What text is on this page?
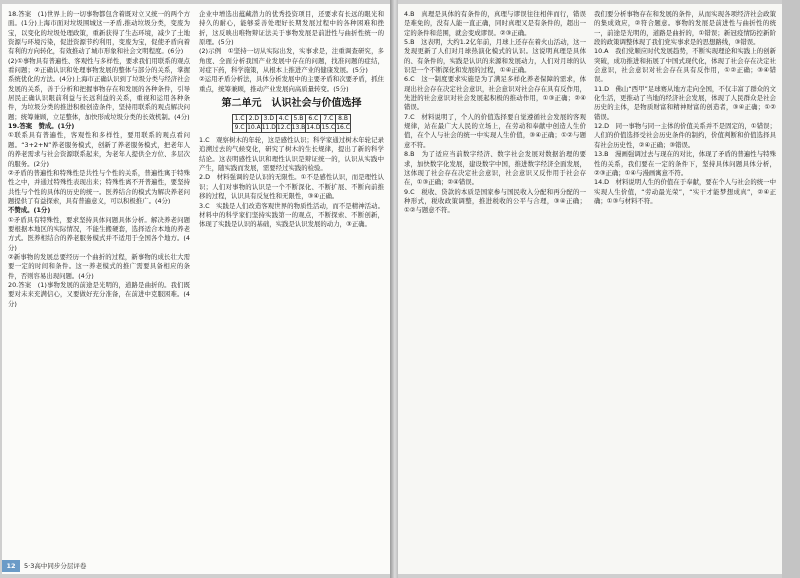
18.答案　(1)世界上的一切事物都包含着既对立又统一的两个方面。(1分)上海市面对垃圾围城这一矛盾,推动垃圾分类，变废为宝，以变化的垃圾处理政策，重新获得了生态环境，减少了土地资源与环境污染，促进资源节约利用，变废为宝，促使矛盾向着有利的方向转化，有效推动了城市形象和社会文明程度。(6分)

(2)①事物具有普遍性、客观性与多样性，要求我们用联系的观点看问题；②正确认识和处理事物发展的整体与部分的关系，掌握系统优化的方法。(4分)上海市正确认识到了垃圾分类与经济社会发展的关系，善于分析和把握事物存在和发展的各种条件，引导居民正确认识眼前利益与长远利益的关系，重视和运用各种条件，为垃圾分类的推进积极创造条件，坚持用联系的观点解决问题；统筹兼顾，立足整体，加快形成垃圾分类的长效机制。(4分)

19.答案　赞成。(1分)

①联系具有普遍性，客观性和多样性，要用联系的观点看问题。“3+2+N”养老服务模式，创新了养老服务模式，把老年人的养老需求与社会资源联系起来，为老年人提供全方位、多层次的服务。(2分)

②矛盾的普遍性和特殊性是共性与个性的关系，普遍性寓于特殊性之中，并通过特殊性表现出来；特殊性离不开普遍性，要坚持共性与个性的具体的历史的统一。医养结合的模式为解决养老问题提供了有益探索，具有普遍意义，可以积极推广。(4分)

不赞成。(1分)

①矛盾具有特殊性，要求坚持具体问题具体分析。解决养老问题要根据本地区的实际情况，不能生搬硬套，选择适合本地的养老方式。医养相结合的养老服务模式并不适用于全国各个地方。(4分)

②新事物的发展总要经历一个曲折的过程，新事物的成长壮大需要一定的时间和条件。这一养老模式的推广需要具备相应的条件，否则容易出现问题。(4分)

20.答案　(1)事物发展的前途是光明的，道路是曲折的。我们既要对未来充满信心，又要做好充分准备，在前进中克服困难。(4分)

企业中增选出蕴藏潜力的优秀投资项目，还要求有长远的眼光和持久的耐心，能够妥善处理好长期发展过程中的各种困难和挫折，这反映出唯物辩证法关于事物发展是前进性与曲折性统一的原理。(5分)

(2)示例　①坚持一切从实际出发，实事求是，注重调查研究，多角度、全面分析我国产业发展中存在的问题，找准问题的症结，对症下药，科学施策，从根本上推进产业的健康发展。(5分)

②运用矛盾分析法，具体分析发展中的主要矛盾和次要矛盾，抓住重点，统筹兼顾，推动产业发展向高质量转变。(5分)

第二单元　认识社会与价值选择
1.C	2.D	3.D	4.C	5.B	6.C	7.C	8.B
9.C	10.A	11.D	12.C	13.B	14.D	15.C	16.C

1.C　观察树木的年轮，这是感性认识；科学家通过树木年轮记录追溯过去的气候变化，研究了树木的生长规律，提出了新的科学结论。这表明感性认识和理性认识是辩证统一的，认识从实践中产生，随实践而发展，需要经过实践的检验。

2.D　材料强调的是认识的无限性。①不是感性认识，而是理性认识；人们对事物的认识是一个不断深化、不断扩展、不断向前推移的过程，认识具有反复性和无限性，③④正确。

3.C　实践是人们改造客观世界的物质性活动，而不是精神活动。材料中的科学家们坚持实践第一的观点，不断探索、不断创新，体现了实践是认识的基础，实践是认识发展的动力，③正确。

12 5·3高中同步分层评卷

4.B　真理是具体的有条件的，真理与谬误往往相伴而行，错误是难免的，没有人能一直正确，同时真理又是有条件的，超出一定的条件和范围，就会变成谬误。②③正确。

5.B　这表明，大约1.2亿年前，月球上还存在着火山活动，这一发现更新了人们对月球热演化模式的认识。这说明真理是具体的、有条件的，实践是认识的来源和发展动力，人们对月球的认识是一个不断深化和发展的过程，①④正确。

6.C　这一制度要求实施是为了满足多样化养老保障的需求，体现出社会存在决定社会意识，社会意识对社会存在具有反作用，先进的社会意识对社会发展起积极的推动作用，①③正确；②④错误。

7.C　材料说明了，个人的价值选择要自觉遵循社会发展的客观规律，站在最广大人民的立场上，在劳动和奉献中创造人生价值，在个人与社会的统一中实现人生价值，③④正确；①②与题意不符。

8.B　为了适应当前数字经济、数字社会发展对数据治理的要求，加快数字化发展，建设数字中国，推进数字经济全面发展，这体现了社会存在决定社会意识，社会意识又反作用于社会存在，①③正确；②④错误。

9.C　税收、贷款的本质是国家参与国民收入分配和再分配的一种形式，税收政策调整，推进税收的公平与合理，③④正确；①②与题意不符。

我们要分析事物存在和发展的条件，从而实现各项经济社会政策的集成效应，②符合题意。事物的发展是前进性与曲折性的统一，前途是光明的，道路是曲折的，①错误；新冠疫情防控新阶段的政策调整体现了我们党实事求是的思想路线，③错误。

10.A　我们党顺应时代发展趋势，不断实现理论和实践上的创新突破，成功推进和拓展了中国式现代化，体现了社会存在决定社会意识，社会意识对社会存在具有反作用，①②正确；③④错误。

11.D　佛山“西甲”足球赛从地方走向全国，不仅丰富了群众的文化生活，更推动了当地的经济社会发展，体现了人民群众是社会历史的主体，是物质财富和精神财富的创造者，③④正确；①②错误。

12.D　同一事物与同一主体的价值关系并不是固定的，①错误；人们的价值选择受社会历史条件的制约，价值判断和价值选择具有社会历史性，②④正确；③错误。

13.B　漫画强调过去与现在的对比，体现了矛盾的普遍性与特殊性的关系，我们要在一定的条件下，坚持具体问题具体分析，②③正确；①④与漫画寓意不符。

14.D　材料说明人生的价值在于奉献，要在个人与社会的统一中实现人生价值，“劳动最光荣”，“实干才能梦想成真”，②④正确；①③与材料不符。
